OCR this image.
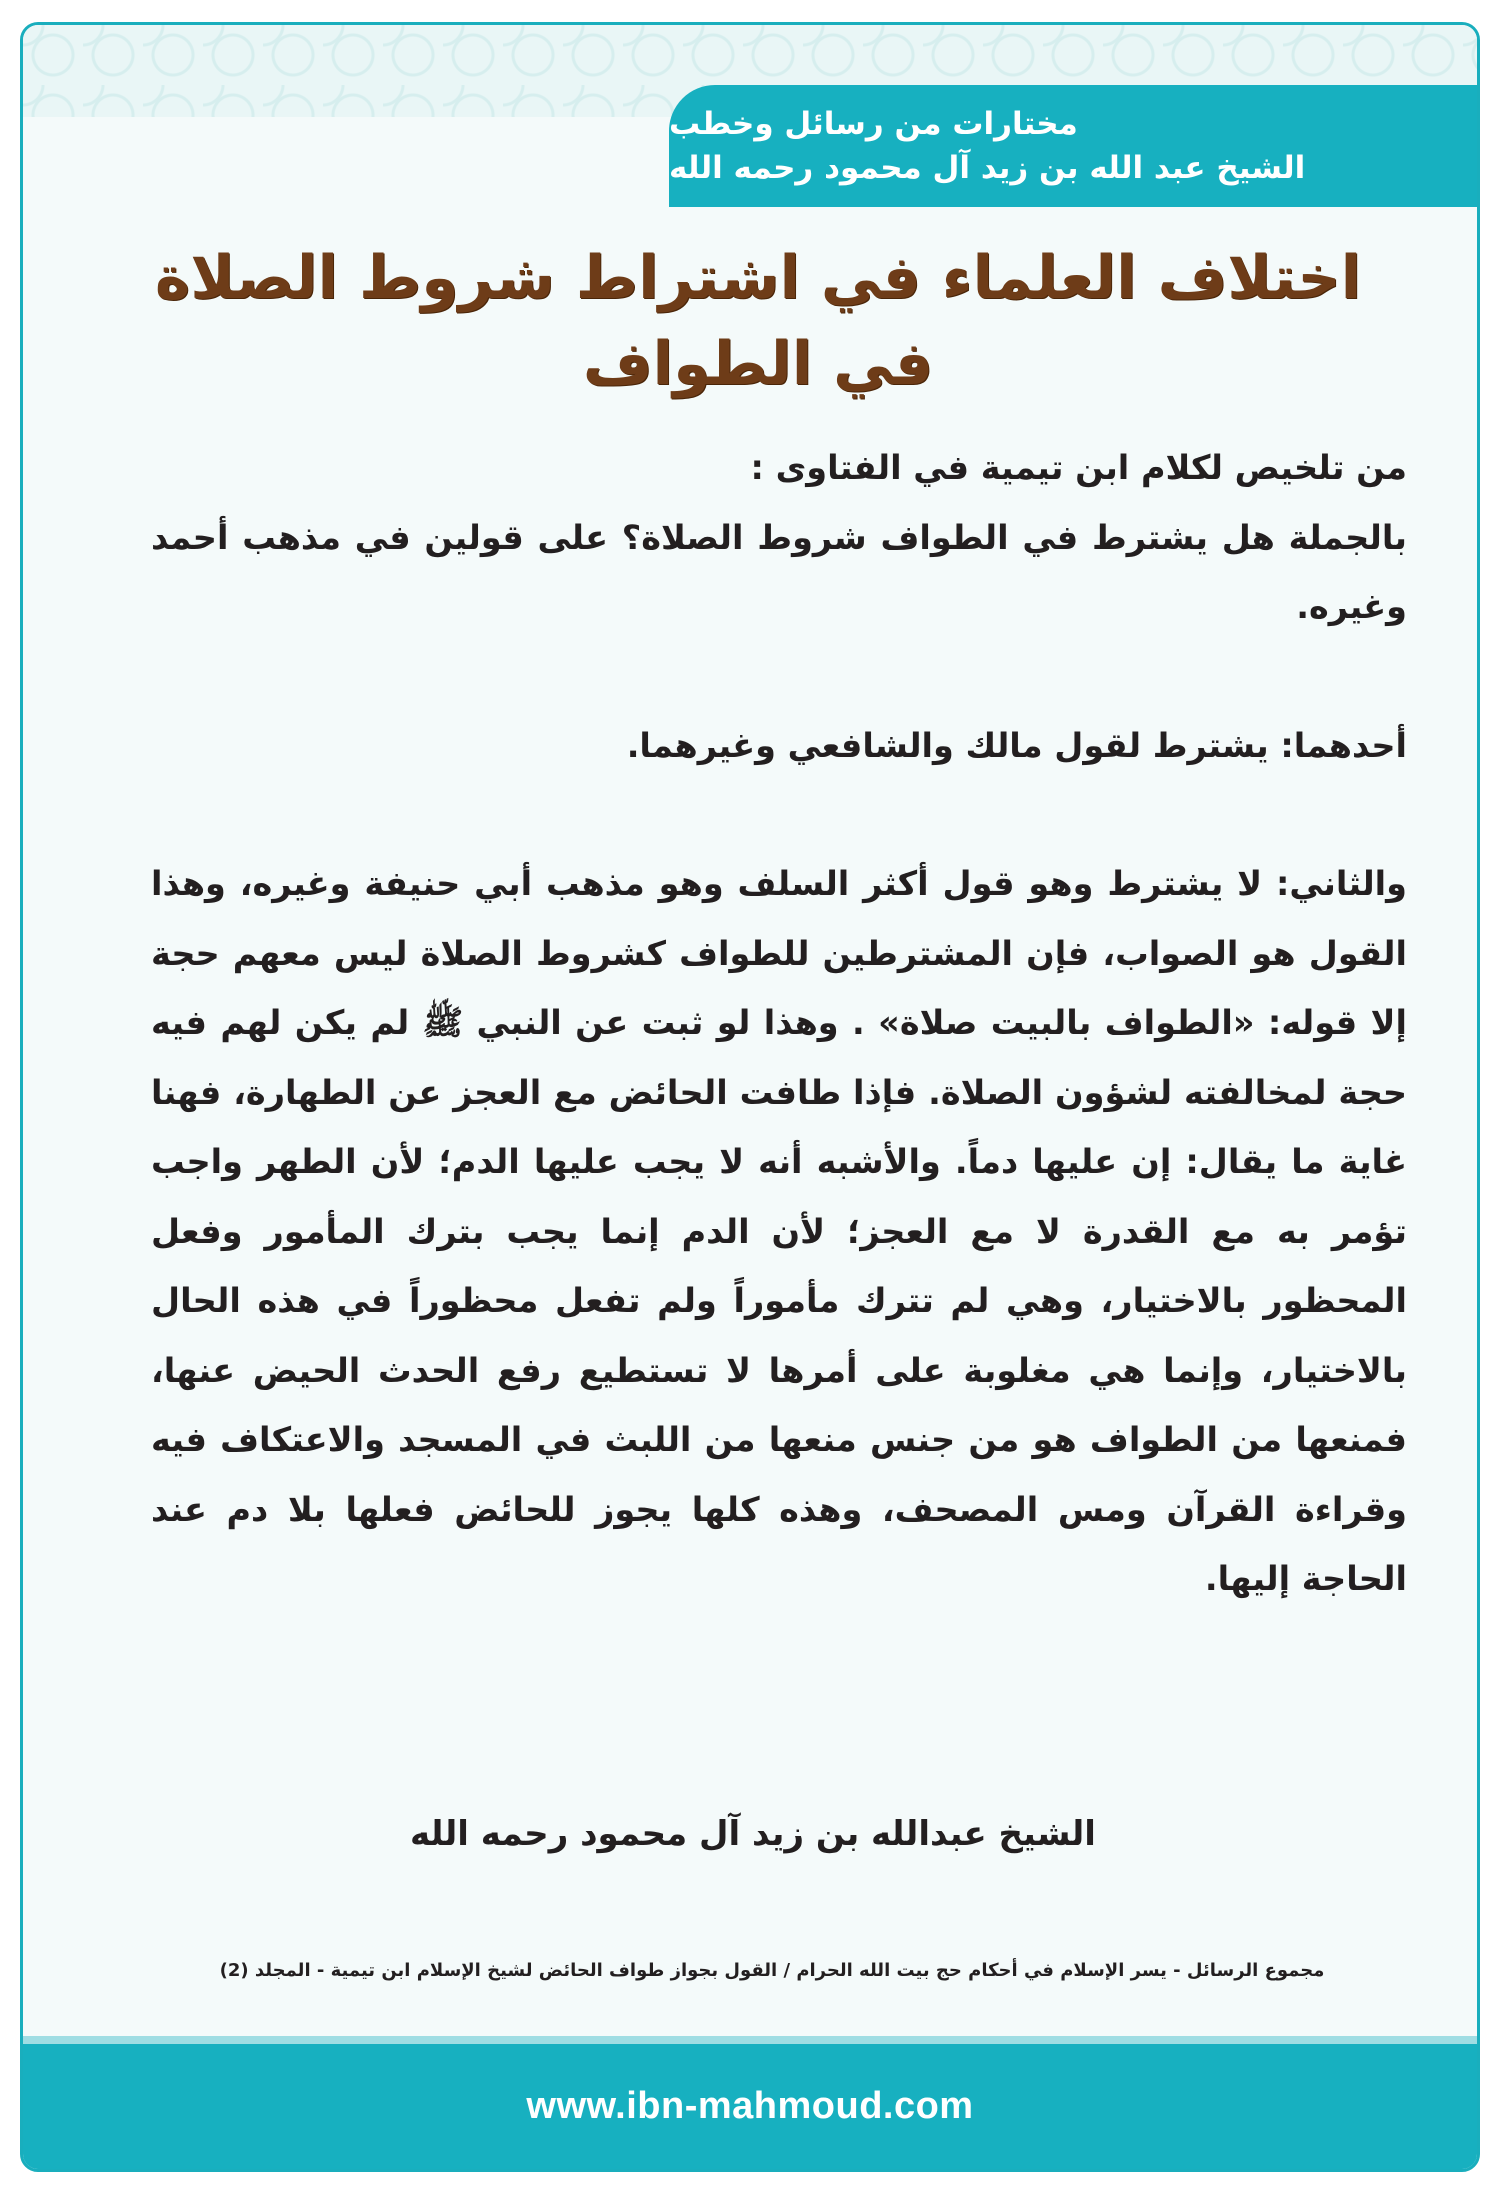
مختارات من رسائل وخطب
الشيخ عبد الله بن زيد آل محمود رحمه الله
اختلاف العلماء في اشتراط شروط الصلاة في الطواف

من تلخيص لكلام ابن تيمية في الفتاوى :

بالجملة هل يشترط في الطواف شروط الصلاة؟ على قولين في مذهب أحمد وغيره.

أحدهما: يشترط لقول مالك والشافعي وغيرهما.

والثاني: لا يشترط وهو قول أكثر السلف وهو مذهب أبي حنيفة وغيره، وهذا القول هو الصواب، فإن المشترطين للطواف كشروط الصلاة ليس معهم حجة إلا قوله: «الطواف بالبيت صلاة» . وهذا لو ثبت عن النبي ﷺ لم يكن لهم فيه حجة لمخالفته لشؤون الصلاة. فإذا طافت الحائض مع العجز عن الطهارة، فهنا غاية ما يقال: إن عليها دماً. والأشبه أنه لا يجب عليها الدم؛ لأن الطهر واجب تؤمر به مع القدرة لا مع العجز؛ لأن الدم إنما يجب بترك المأمور وفعل المحظور بالاختيار، وهي لم تترك مأموراً ولم تفعل محظوراً في هذه الحال بالاختيار، وإنما هي مغلوبة على أمرها لا تستطيع رفع الحدث الحيض عنها، فمنعها من الطواف هو من جنس منعها من اللبث في المسجد والاعتكاف فيه وقراءة القرآن ومس المصحف، وهذه كلها يجوز للحائض فعلها بلا دم عند الحاجة إليها.

الشيخ عبدالله بن زيد آل محمود رحمه الله
مجموع الرسائل - يسر الإسلام في أحكام حج بيت الله الحرام / القول بجواز طواف الحائض لشيخ الإسلام ابن تيمية - المجلد (2)
www.ibn-mahmoud.com
